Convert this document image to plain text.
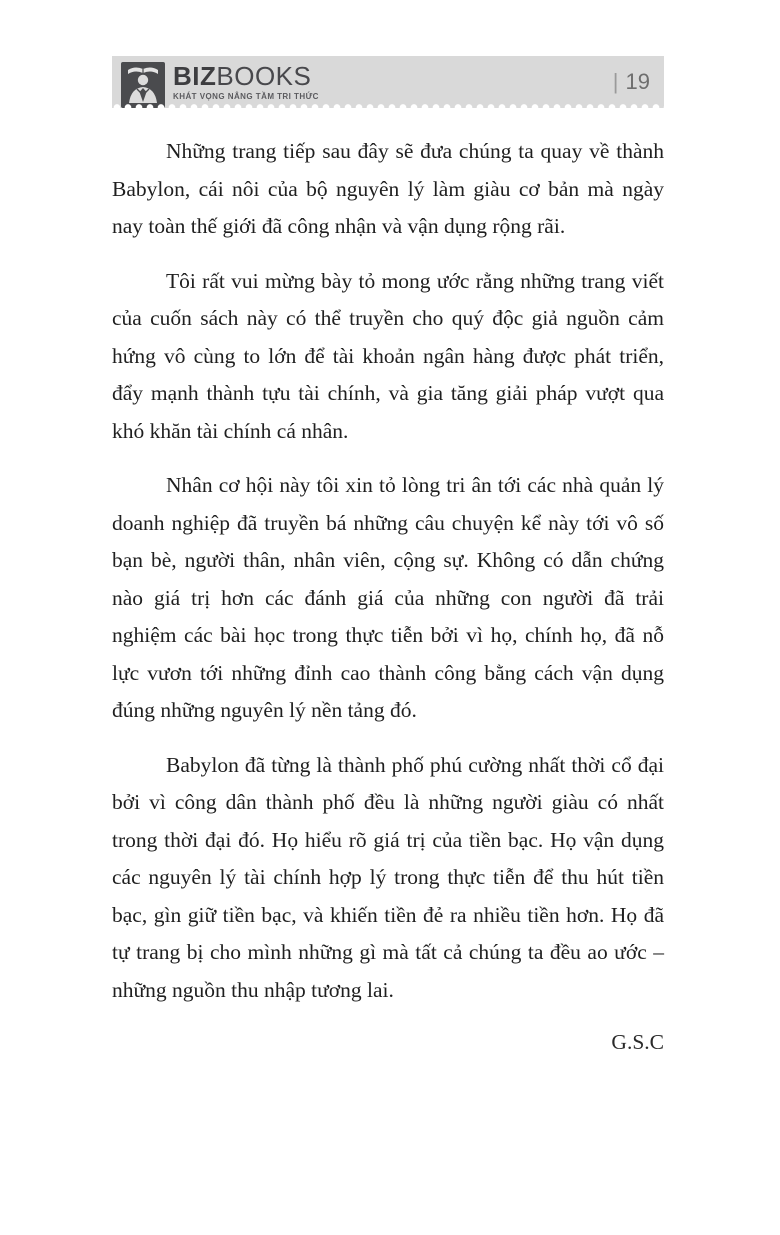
BIZBOOKS
KHÁT VỌNG NÂNG TẦM TRI THỨC
| 19

Những trang tiếp sau đây sẽ đưa chúng ta quay về thành Babylon, cái nôi của bộ nguyên lý làm giàu cơ bản mà ngày nay toàn thế giới đã công nhận và vận dụng rộng rãi.

Tôi rất vui mừng bày tỏ mong ước rằng những trang viết của cuốn sách này có thể truyền cho quý độc giả nguồn cảm hứng vô cùng to lớn để tài khoản ngân hàng được phát triển, đẩy mạnh thành tựu tài chính, và gia tăng giải pháp vượt qua khó khăn tài chính cá nhân.

Nhân cơ hội này tôi xin tỏ lòng tri ân tới các nhà quản lý doanh nghiệp đã truyền bá những câu chuyện kể này tới vô số bạn bè, người thân, nhân viên, cộng sự. Không có dẫn chứng nào giá trị hơn các đánh giá của những con người đã trải nghiệm các bài học trong thực tiễn bởi vì họ, chính họ, đã nỗ lực vươn tới những đỉnh cao thành công bằng cách vận dụng đúng những nguyên lý nền tảng đó.

Babylon đã từng là thành phố phú cường nhất thời cổ đại bởi vì công dân thành phố đều là những người giàu có nhất trong thời đại đó. Họ hiểu rõ giá trị của tiền bạc. Họ vận dụng các nguyên lý tài chính hợp lý trong thực tiễn để thu hút tiền bạc, gìn giữ tiền bạc, và khiến tiền đẻ ra nhiều tiền hơn. Họ đã tự trang bị cho mình những gì mà tất cả chúng ta đều ao ước – những nguồn thu nhập tương lai.

G.S.C
